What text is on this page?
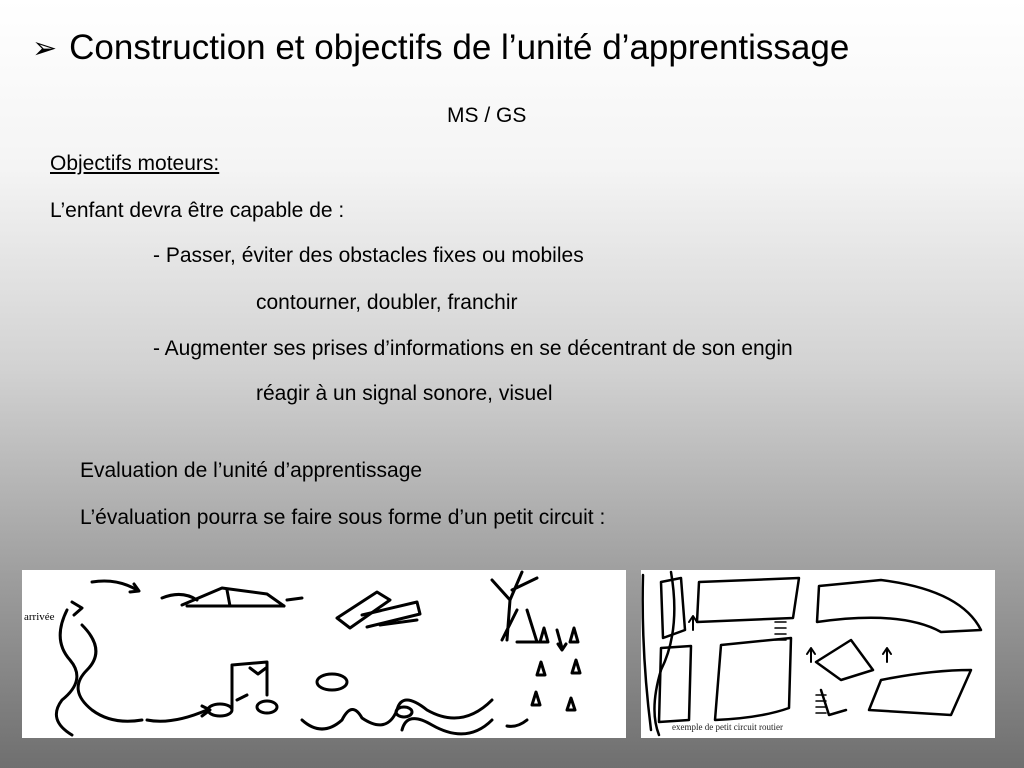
➢ Construction et objectifs de l’unité d’apprentissage
MS / GS
Objectifs moteurs:
L’enfant devra être capable de :
- Passer, éviter des obstacles fixes ou mobiles
contourner, doubler, franchir
- Augmenter ses prises d’informations en se décentrant de son engin
réagir à un signal sonore, visuel
Evaluation de l’unité d’apprentissage
L’évaluation pourra se faire sous forme d’un petit circuit :
arrivée
exemple de petit circuit routier
